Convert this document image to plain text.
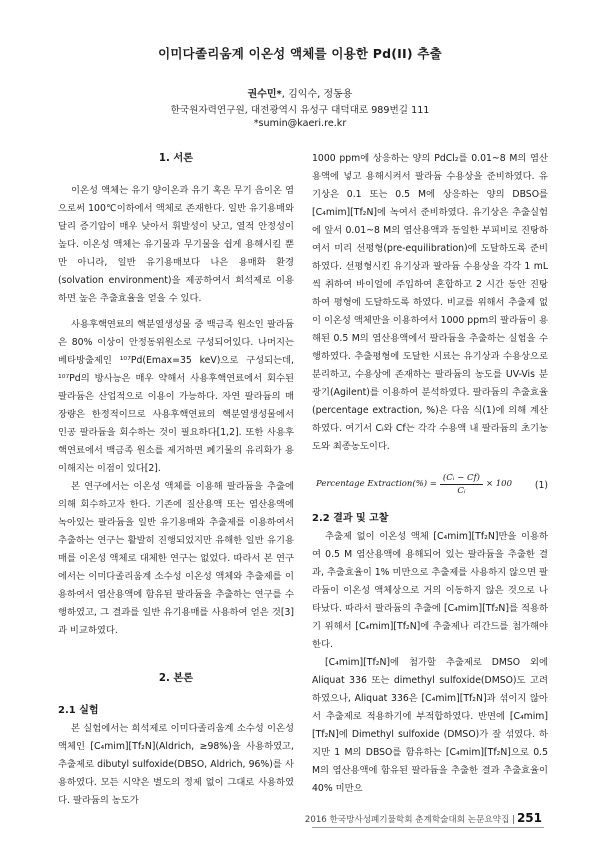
이미다졸리움계 이온성 액체를 이용한 Pd(II) 추출
권수민*, 김익수, 정동용
한국원자력연구원, 대전광역시 유성구 대덕대로 989번길 111
*sumin@kaeri.re.kr
1. 서론

이온성 액체는 유기 양이온과 유기 혹은 무기 음이온 염으로써 100℃이하에서 액체로 존재한다. 일반 유기용매와 달리 증기압이 매우 낮아서 휘발성이 낮고, 열적 안정성이 높다. 이온성 액체는 유기물과 무기물을 쉽게 용해시킬 뿐만 아니라, 일반 유기용매보다 나은 용매화 환경(solvation environment)을 제공하여서 희석제로 이용하면 높은 추출효율을 얻을 수 있다.

사용후핵연료의 핵분열생성물 중 백금족 원소인 팔라듐은 80% 이상이 안정동위원소로 구성되어있다. 나머지는 베타방출제인 ¹⁰⁷Pd(Emax=35 keV)으로 구성되는데, ¹⁰⁷Pd의 방사능은 매우 약해서 사용후핵연료에서 회수된 팔라듐은 산업적으로 이용이 가능하다. 자연 팔라듐의 매장량은 한정적이므로 사용후핵연료의 핵분열생성물에서 인공 팔라듐을 회수하는 것이 필요하다[1,2]. 또한 사용후핵연료에서 백금족 원소를 제거하면 폐기물의 유리화가 용이해지는 이점이 있다[2].

본 연구에서는 이온성 액체를 이용해 팔라듐을 추출에 의해 회수하고자 한다. 기존에 질산용액 또는 염산용액에 녹아있는 팔라듐을 일반 유기용매와 추출제를 이용하여서 추출하는 연구는 활발히 진행되었지만 유해한 일반 유기용매를 이온성 액체로 대체한 연구는 없었다. 따라서 본 연구에서는 이미다졸리움계 소수성 이온성 액체와 추출제를 이용하여서 염산용액에 함유된 팔라듐을 추출하는 연구를 수행하였고, 그 결과를 일반 유기용매를 사용하여 얻은 것[3]과 비교하였다.

2. 본론
2.1 실험

본 실험에서는 희석제로 이미다졸리움계 소수성 이온성 액체인 [C₄mim][Tf₂N](Aldrich, ≥98%)을 사용하였고, 추출제로 dibutyl sulfoxide(DBSO, Aldrich, 96%)를 사용하였다. 모든 시약은 별도의 정제 없이 그대로 사용하였다. 팔라듐의 농도가

1000 ppm에 상응하는 양의 PdCl₂를 0.01~8 M의 염산용액에 넣고 용해시켜서 팔라듐 수용상을 준비하였다. 유기상은 0.1 또는 0.5 M에 상응하는 양의 DBSO를 [C₄mim][Tf₂N]에 녹여서 준비하였다. 유기상은 추출실험에 앞서 0.01~8 M의 염산용액과 동일한 부피비로 진탕하여서 미리 선평형(pre-equilibration)에 도달하도록 준비하였다. 선평형시킨 유기상과 팔라듐 수용상을 각각 1 mL씩 취하여 바이얼에 주입하여 혼합하고 2 시간 동안 진탕하여 평형에 도달하도록 하였다. 비교를 위해서 추출제 없이 이온성 액체만을 이용하여서 1000 ppm의 팔라듐이 용해된 0.5 M의 염산용액에서 팔라듐을 추출하는 실험을 수행하였다. 추출평형에 도달한 시료는 유기상과 수용상으로 분리하고, 수용상에 존재하는 팔라듐의 농도를 UV-Vis 분광기(Agilent)를 이용하여 분석하였다. 팔라듐의 추출효율 (percentage extraction, %)은 다음 식(1)에 의해 계산하였다. 여기서 Cᵢ와 Cf는 각각 수용액 내 팔라듐의 초기농도와 최종농도이다.

Percentage Extraction(%) = $\frac{\text{(Cᵢ − Cf)}}{\text{Cᵢ}} \times 100$ (1)
2.2 결과 및 고찰

추출제 없이 이온성 액체 [C₄mim][Tf₂N]만을 이용하여 0.5 M 염산용액에 용해되어 있는 팔라듐을 추출한 결과, 추출효율이 1% 미만으로 추출제를 사용하지 않으면 팔라듐이 이온성 액체상으로 거의 이동하지 않은 것으로 나타났다. 따라서 팔라듐의 추출에 [C₄mim][Tf₂N]를 적용하기 위해서 [C₄mim][Tf₂N]에 추출제나 리간드를 첨가해야 한다.

[C₄mim][Tf₂N]에 첨가할 추출제로 DMSO 외에 Aliquat 336 또는 dimethyl sulfoxide(DMSO)도 고려하였으나, Aliquat 336은 [C₄mim][Tf₂N]과 섞이지 않아서 추출제로 적용하기에 부적합하였다. 반면에 [C₄mim][Tf₂N]에 Dimethyl sulfoxide (DMSO)가 잘 섞였다. 하지만 1 M의 DBSO를 함유하는 [C₄mim][Tf₂N]으로 0.5 M의 염산용액에 함유된 팔라듐을 추출한 결과 추출효율이 40% 미만으

2016 한국방사성폐기물학회 춘계학술대회 논문요약집 | 251
